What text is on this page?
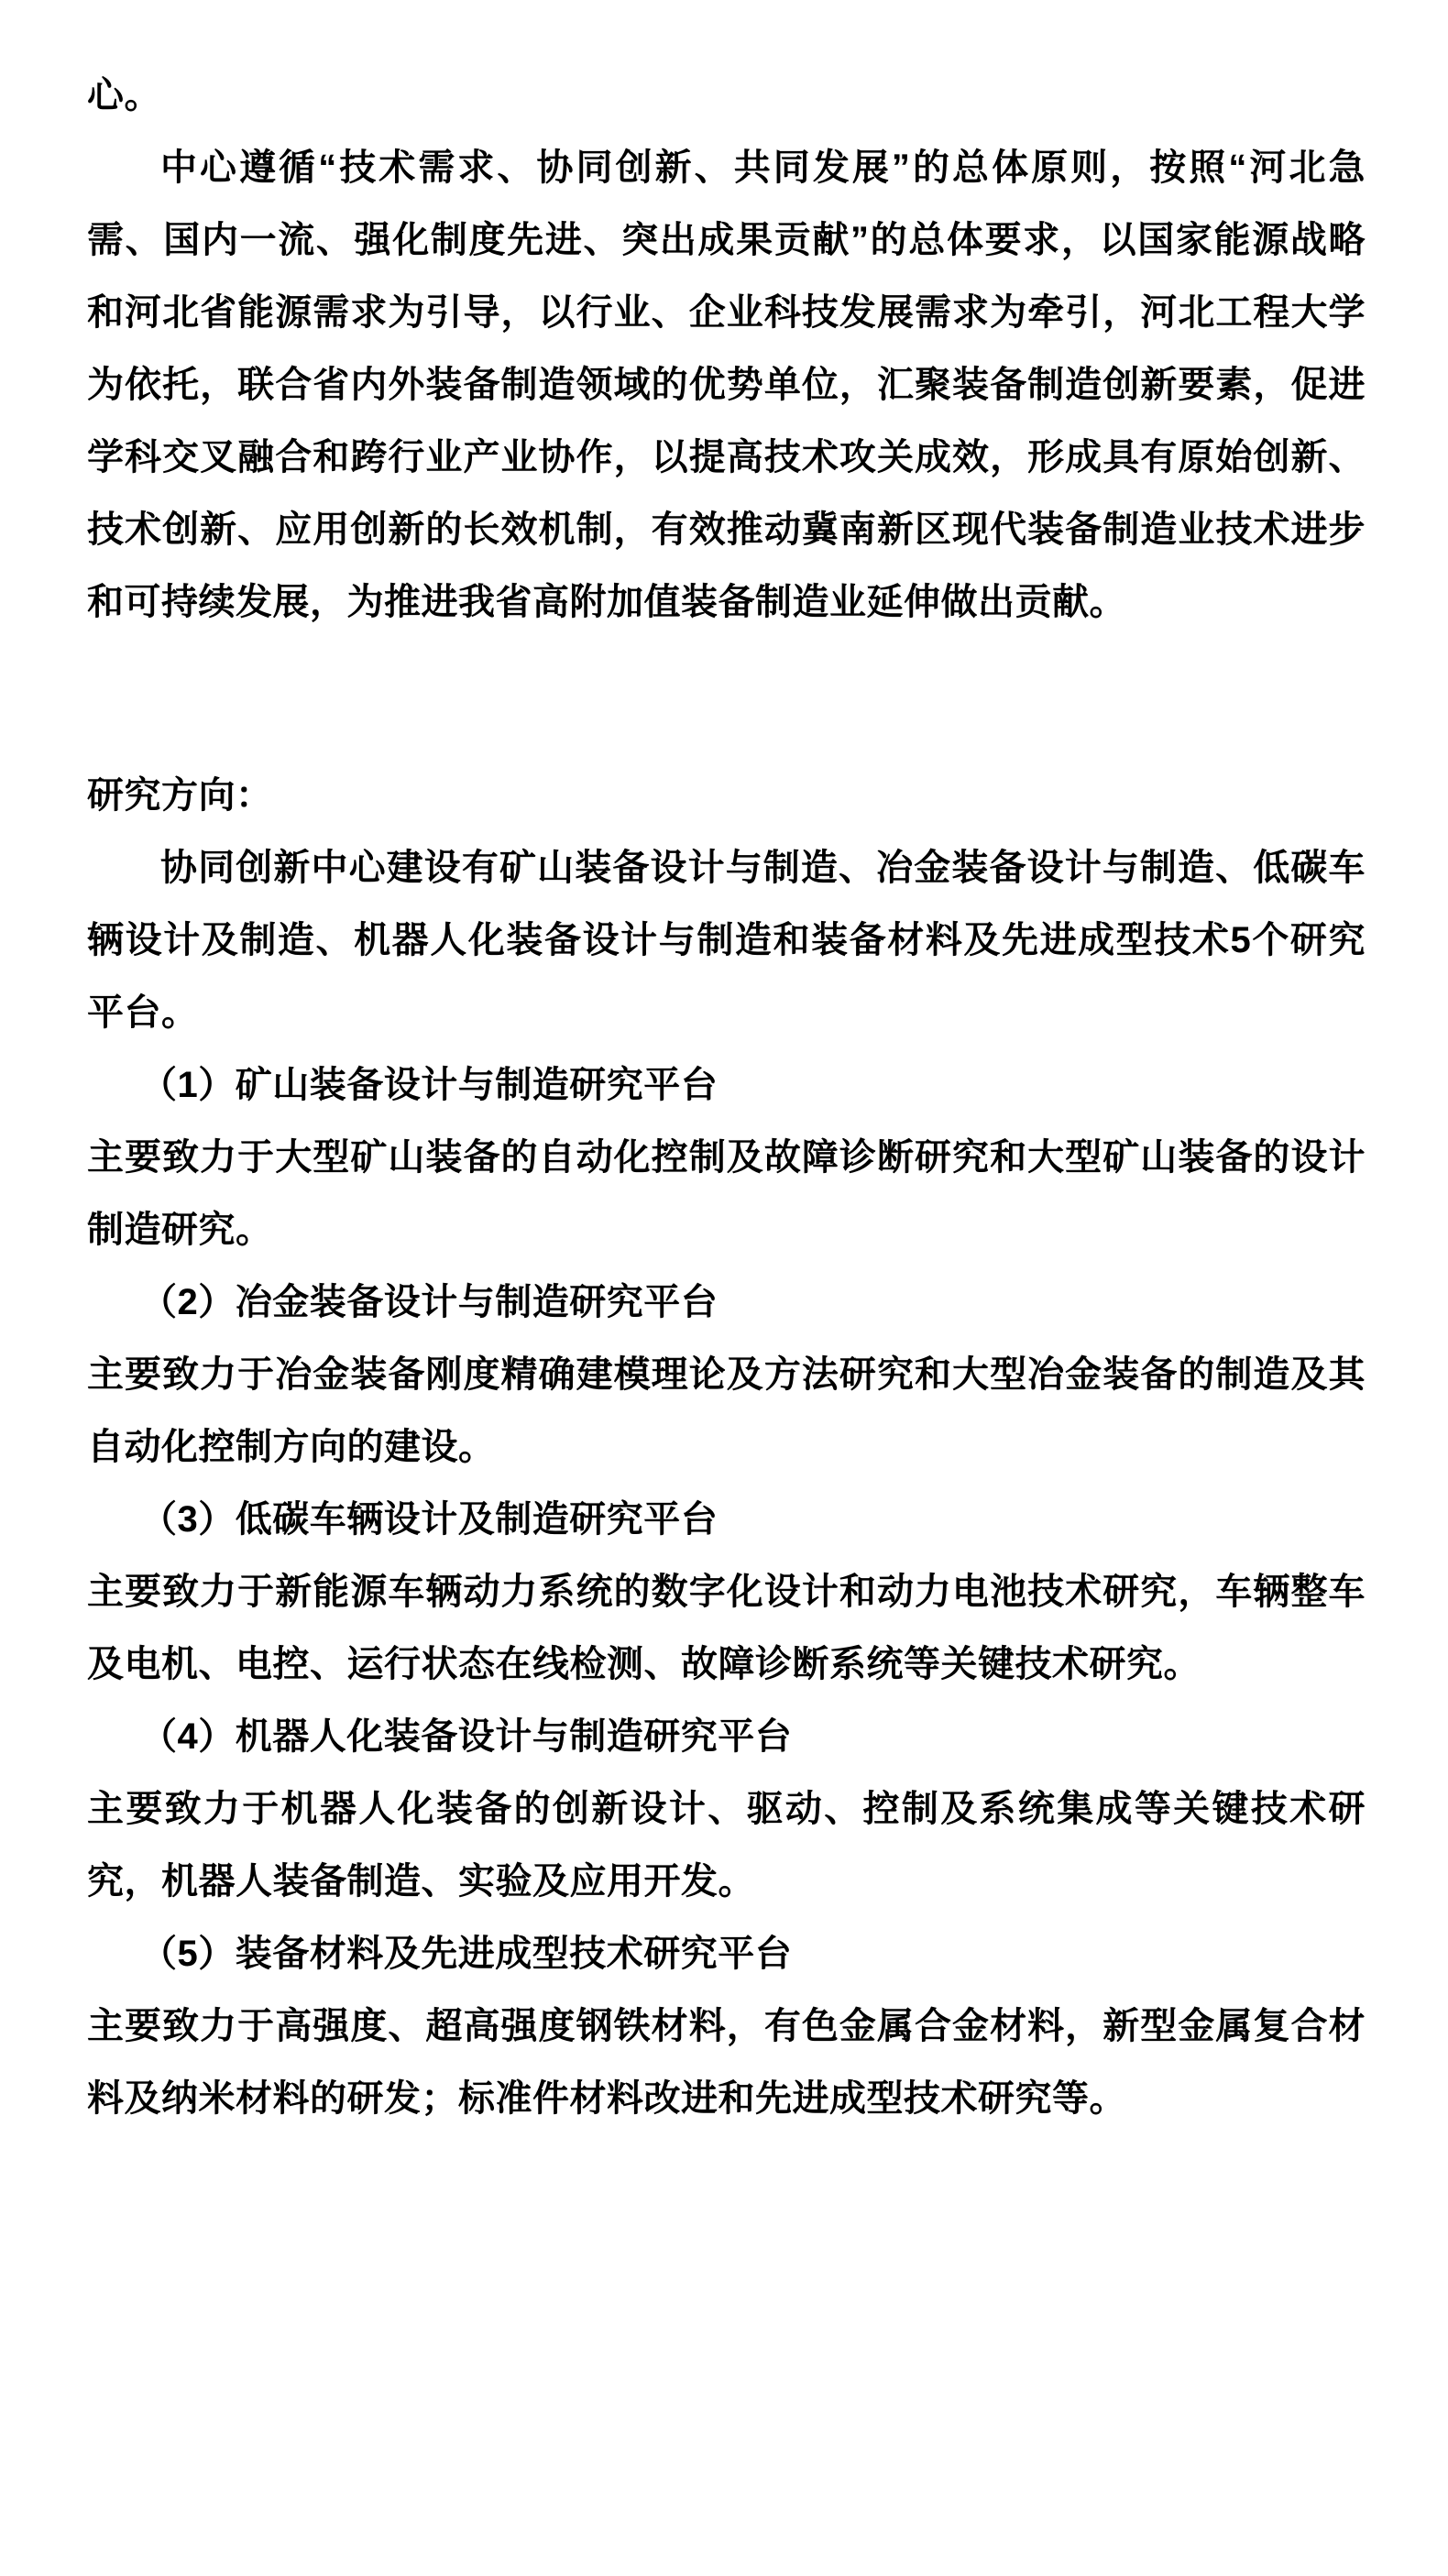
心。

中心遵循“技术需求、协同创新、共同发展”的总体原则，按照“河北急需、国内一流、强化制度先进、突出成果贡献”的总体要求，以国家能源战略和河北省能源需求为引导，以行业、企业科技发展需求为牵引，河北工程大学为依托，联合省内外装备制造领域的优势单位，汇聚装备制造创新要素，促进学科交叉融合和跨行业产业协作，以提高技术攻关成效，形成具有原始创新、技术创新、应用创新的长效机制，有效推动冀南新区现代装备制造业技术进步和可持续发展，为推进我省高附加值装备制造业延伸做出贡献。

研究方向：

协同创新中心建设有矿山装备设计与制造、冶金装备设计与制造、低碳车辆设计及制造、机器人化装备设计与制造和装备材料及先进成型技术5个研究平台。

（1）矿山装备设计与制造研究平台

主要致力于大型矿山装备的自动化控制及故障诊断研究和大型矿山装备的设计制造研究。

（2）冶金装备设计与制造研究平台

主要致力于冶金装备刚度精确建模理论及方法研究和大型冶金装备的制造及其自动化控制方向的建设。

（3）低碳车辆设计及制造研究平台

主要致力于新能源车辆动力系统的数字化设计和动力电池技术研究，车辆整车及电机、电控、运行状态在线检测、故障诊断系统等关键技术研究。

（4）机器人化装备设计与制造研究平台

主要致力于机器人化装备的创新设计、驱动、控制及系统集成等关键技术研究，机器人装备制造、实验及应用开发。

（5）装备材料及先进成型技术研究平台

主要致力于高强度、超高强度钢铁材料，有色金属合金材料，新型金属复合材料及纳米材料的研发；标准件材料改进和先进成型技术研究等。
